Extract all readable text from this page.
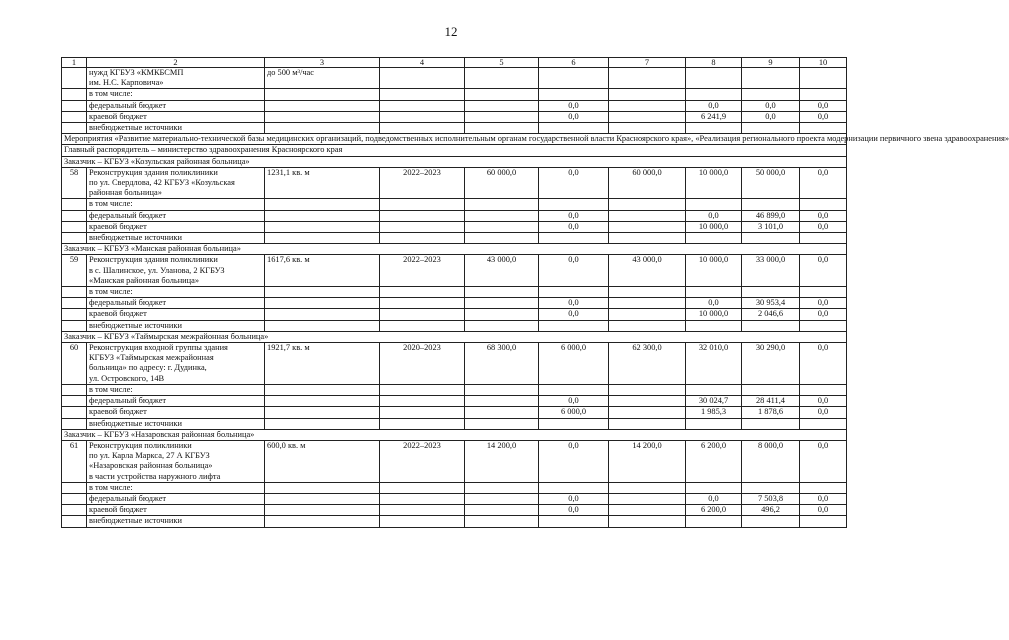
12
1	2	3	4	5	6	7	8	9	10

	нужд КГБУЗ «КМКБСМП
им. Н.С. Карповича»	до 500 м³/час							
	в том числе:								
	федеральный бюджет				0,0		0,0	0,0	0,0
	краевой бюджет				0,0		6 241,9	0,0	0,0
	внебюджетные источники								
Мероприятия «Развитие материально-технической базы медицинских организаций, подведомственных исполнительным органам государственной власти Красноярского края», «Реализация регионального проекта модернизации первичного звена здравоохранения»									
Главный распорядитель – министерство здравоохранения Красноярского края									
Заказчик – КГБУЗ «Козульская районная больница»									
58	Реконструкция здания поликлиники
по ул. Свердлова, 42 КГБУЗ «Козульская
районная больница»	1231,1 кв. м	2022–2023	60 000,0	0,0	60 000,0	10 000,0	50 000,0	0,0
	в том числе:								
	федеральный бюджет				0,0		0,0	46 899,0	0,0
	краевой бюджет				0,0		10 000,0	3 101,0	0,0
	внебюджетные источники								
Заказчик – КГБУЗ «Манская районная больница»									
59	Реконструкция здания поликлиники
в с. Шалинское, ул. Уланова, 2 КГБУЗ
«Манская районная больница»	1617,6 кв. м	2022–2023	43 000,0	0,0	43 000,0	10 000,0	33 000,0	0,0
	в том числе:								
	федеральный бюджет				0,0		0,0	30 953,4	0,0
	краевой бюджет				0,0		10 000,0	2 046,6	0,0
	внебюджетные источники								
Заказчик – КГБУЗ «Таймырская межрайонная больница»									
60	Реконструкция входной группы здания
КГБУЗ «Таймырская межрайонная
больница» по адресу: г. Дудинка,
ул. Островского, 14В	1921,7 кв. м	2020–2023	68 300,0	6 000,0	62 300,0	32 010,0	30 290,0	0,0
	в том числе:								
	федеральный бюджет				0,0		30 024,7	28 411,4	0,0
	краевой бюджет				6 000,0		1 985,3	1 878,6	0,0
	внебюджетные источники								
Заказчик – КГБУЗ «Назаровская районная больница»									
61	Реконструкция поликлиники
по ул. Карла Маркса, 27 А КГБУЗ
«Назаровская районная больница»
в части устройства наружного лифта	600,0 кв. м	2022–2023	14 200,0	0,0	14 200,0	6 200,0	8 000,0	0,0
	в том числе:								
	федеральный бюджет				0,0		0,0	7 503,8	0,0
	краевой бюджет				0,0		6 200,0	496,2	0,0
	внебюджетные источники								
